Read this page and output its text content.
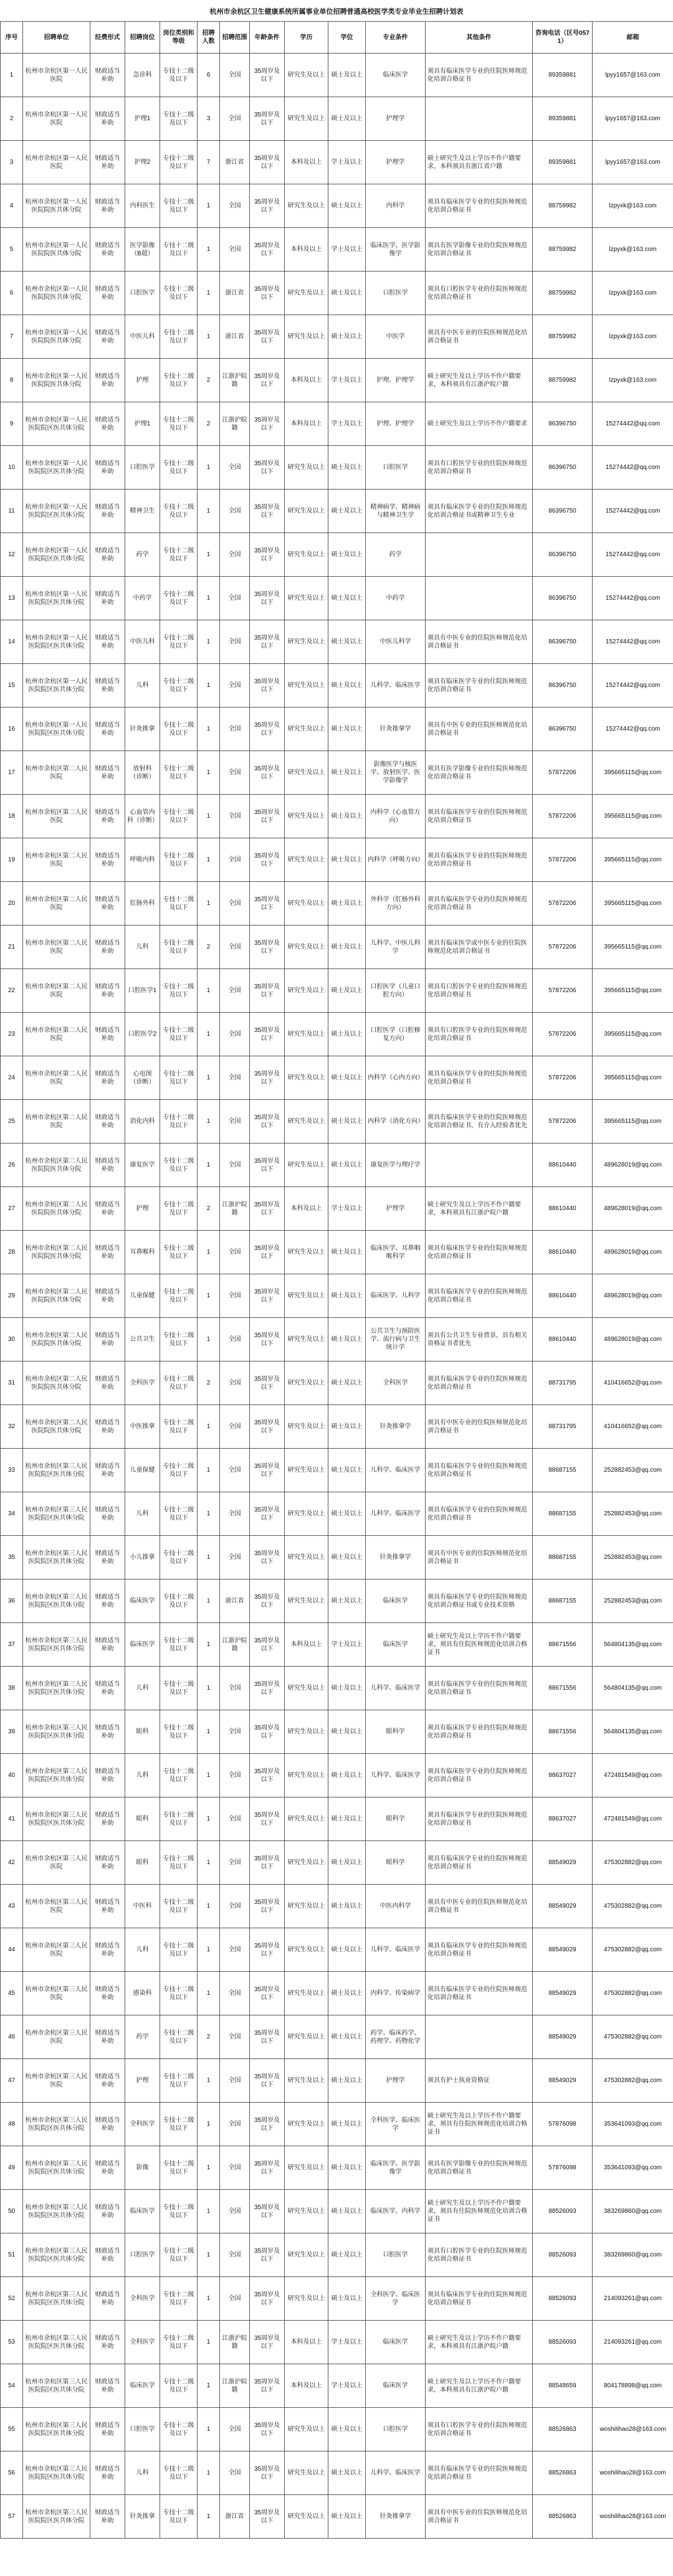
杭州市余杭区卫生健康系统所属事业单位招聘普通高校医学类专业毕业生招聘计划表
序号	招聘单位	经费形式	招聘岗位	岗位类别和等级	招聘人数	招聘范围	年龄条件	学历	学位	专业条件	其他条件	咨询电话（区号0571）	邮箱
1	杭州市余杭区第一人民医院	财政适当补助	急诊科	专技十二级及以下	6	全国	35周岁及以下	研究生及以上	硕士及以上	临床医学	须具有临床医学专业的住院医师规范化培训合格证书	89359881	lpyy1657@163.com
2	杭州市余杭区第一人民医院	财政适当补助	护理1	专技十二级及以下	3	全国	35周岁及以下	研究生及以上	硕士及以上	护理学		89359881	lpyy1657@163.com
3	杭州市余杭区第一人民医院	财政适当补助	护理2	专技十二级及以下	7	浙江省	35周岁及以下	本科及以上	学士及以上	护理学	硕士研究生及以上学历不作户籍要求，本科须具有浙江省户籍	89359881	lpyy1657@163.com
4	杭州市余杭区第一人民医院院医共体分院	财政适当补助	内科医生	专技十二级及以下	1	全国	35周岁及以下	研究生及以上	硕士及以上	内科学	须具有临床医学专业的住院医师规范化培训合格证书	88759982	lzpyxk@163.com
5	杭州市余杭区第一人民医院院医共体分院	财政适当补助	医学影像（B超）	专技十二级及以下	1	全国	35周岁及以下	本科及以上	学士及以上	临床医学、医学影像学	须具有医学影像专业的住院医师规范化培训合格证书	88759982	lzpyxk@163.com
6	杭州市余杭区第一人民医院院医共体分院	财政适当补助	口腔医学	专技十二级及以下	1	浙江省	35周岁及以下	研究生及以上	硕士及以上	口腔医学	须具有口腔医学专业的住院医师规范化培训合格证书	88759982	lzpyxk@163.com
7	杭州市余杭区第一人民医院院医共体分院	财政适当补助	中医儿科	专技十二级及以下	1	浙江省	35周岁及以下	研究生及以上	硕士及以上	中医学	须具有中医专业的住院医师规范化培训合格证书	88759982	lzpyxk@163.com
8	杭州市余杭区第一人民医院院医共体分院	财政适当补助	护理	专技十二级及以下	2	江浙沪皖籍	35周岁及以下	本科及以上	学士及以上	护理、护理学	硕士研究生及以上学历不作户籍要求，本科须具有江浙沪皖户籍	88759982	lzpyxk@163.com
9	杭州市余杭区第一人民医院院区医共体分院	财政适当补助	护理1	专技十二级及以下	2	江浙沪皖籍	35周岁及以下	本科及以上	学士及以上	护理、护理学	硕士研究生及以上学历不作户籍要求	86396750	15274442@qq.com
10	杭州市余杭区第一人民医院院区医共体分院	财政适当补助	口腔医学	专技十二级及以下	1	全国	35周岁及以下	研究生及以上	硕士及以上	口腔医学	须具有口腔医学专业的住院医师规范化培训合格证书	86396750	15274442@qq.com
11	杭州市余杭区第一人民医院院区医共体分院	财政适当补助	精神卫生	专技十二级及以下	1	全国	35周岁及以下	研究生及以上	硕士及以上	精神病学、精神病与精神卫生学	须具有临床医学专业的住院医师规范化培训合格证书或精神卫生专业	86396750	15274442@qq.com
12	杭州市余杭区第一人民医院院区医共体分院	财政适当补助	药学	专技十二级及以下	1	全国	35周岁及以下	研究生及以上	硕士及以上	药学		86396750	15274442@qq.com
13	杭州市余杭区第一人民医院院区医共体分院	财政适当补助	中药学	专技十二级及以下	1	全国	35周岁及以下	研究生及以上	硕士及以上	中药学		86396750	15274442@qq.com
14	杭州市余杭区第一人民医院院区医共体分院	财政适当补助	中医儿科	专技十二级及以下	1	全国	35周岁及以下	研究生及以上	硕士及以上	中医儿科学	须具有中医专业的住院医师规范化培训合格证书	86396750	15274442@qq.com
15	杭州市余杭区第一人民医院院区医共体分院	财政适当补助	儿科	专技十二级及以下	1	全国	35周岁及以下	研究生及以上	硕士及以上	儿科学、临床医学	须具有临床医学专业的住院医师规范化培训合格证书	86396750	15274442@qq.com
16	杭州市余杭区第一人民医院院区医共体分院	财政适当补助	针灸推拿	专技十二级及以下	1	全国	35周岁及以下	研究生及以上	硕士及以上	针灸推拿学	须具有中医专业的住院医师规范化培训合格证书	86396750	15274442@qq.com
17	杭州市余杭区第二人民医院	财政适当补助	放射科（诊断）	专技十二级及以下	1	全国	35周岁及以下	研究生及以上	硕士及以上	影像医学与核医学、放射医学、医学影像学	须具有医学影像专业的住院医师规范化培训合格证书	57872206	395665115@qq.com
18	杭州市余杭区第二人民医院	财政适当补助	心血管内科（诊断）	专技十二级及以下	1	全国	35周岁及以下	研究生及以上	硕士及以上	内科学（心血管方向）	须具有临床医学专业的住院医师规范化培训合格证书	57872206	395665115@qq.com
19	杭州市余杭区第二人民医院	财政适当补助	呼吸内科	专技十二级及以下	1	全国	35周岁及以下	研究生及以上	硕士及以上	内科学（呼吸方向）	须具有临床医学专业的住院医师规范化培训合格证书	57872206	395665115@qq.com
20	杭州市余杭区第二人民医院	财政适当补助	肛肠外科	专技十二级及以下	1	全国	35周岁及以下	研究生及以上	硕士及以上	外科学（肛肠外科方向）	须具有临床医学专业的住院医师规范化培训合格证书	57872206	395665115@qq.com
21	杭州市余杭区第二人民医院	财政适当补助	儿科	专技十二级及以下	2	全国	35周岁及以下	研究生及以上	硕士及以上	儿科学、中医儿科学	须具有临床医学或中医专业的住院医师规范化培训合格证书	57872206	395665115@qq.com
22	杭州市余杭区第二人民医院	财政适当补助	口腔医学1	专技十二级及以下	1	全国	35周岁及以下	研究生及以上	硕士及以上	口腔医学（儿童口腔方向）	须具有口腔医学专业的住院医师规范化培训合格证书	57872206	395665115@qq.com
23	杭州市余杭区第二人民医院	财政适当补助	口腔医学2	专技十二级及以下	1	全国	35周岁及以下	研究生及以上	硕士及以上	口腔医学（口腔修复方向）	须具有口腔医学专业的住院医师规范化培训合格证书	57872206	395665115@qq.com
24	杭州市余杭区第二人民医院	财政适当补助	心电图（诊断）	专技十二级及以下	1	全国	35周岁及以下	研究生及以上	硕士及以上	内科学（心内方向）	须具有临床医学专业的住院医师规范化培训合格证书	57872206	395665115@qq.com
25	杭州市余杭区第二人民医院	财政适当补助	消化内科	专技十二级及以下	1	全国	35周岁及以下	研究生及以上	硕士及以上	内科学（消化方向）	须具有临床医学专业的住院医师规范化培训合格证书，有介入经验者优先	57872206	395665115@qq.com
26	杭州市余杭区第二人民医院院医共体分院	财政适当补助	康复医学	专技十二级及以下	1	全国	35周岁及以下	研究生及以上	硕士及以上	康复医学与理疗学		88610440	489628019@qq.com
27	杭州市余杭区第二人民医院院医共体分院	财政适当补助	护理	专技十二级及以下	2	江浙沪皖籍	35周岁及以下	本科及以上	学士及以上	护理学	硕士研究生及以上学历不作户籍要求，本科须具有江浙沪皖户籍	88610440	489628019@qq.com
28	杭州市余杭区第二人民医院院医共体分院	财政适当补助	耳鼻喉科	专技十二级及以下	1	全国	35周岁及以下	研究生及以上	硕士及以上	临床医学、耳鼻咽喉科学	须具有临床医学专业的住院医师规范化培训合格证书	88610440	489628019@qq.com
29	杭州市余杭区第二人民医院院医共体分院	财政适当补助	儿童保健	专技十二级及以下	1	全国	35周岁及以下	研究生及以上	硕士及以上	临床医学、儿科学	须具有临床医学专业的住院医师规范化培训合格证书	88610440	489628019@qq.com
30	杭州市余杭区第二人民医院院医共体分院	财政适当补助	公共卫生	专技十二级及以下	1	全国	35周岁及以下	研究生及以上	硕士及以上	公共卫生与预防医学、流行病与卫生统计学	须具有公共卫生专业背景，具有相关资格证书者优先	88610440	489628019@qq.com
31	杭州市余杭区第二人民医院院医共体分院	财政适当补助	全科医学	专技十二级及以下	2	全国	35周岁及以下	研究生及以上	硕士及以上	全科医学	须具有临床医学专业的住院医师规范化培训合格证书	88731795	410416652@qq.com
32	杭州市余杭区第二人民医院院医共体分院	财政适当补助	中医推拿	专技十二级及以下	1	全国	35周岁及以下	研究生及以上	硕士及以上	针灸推拿学	须具有中医专业的住院医师规范化培训合格证书	88731795	410416652@qq.com
33	杭州市余杭区第三人民医院院区医共体分院	财政适当补助	儿童保健	专技十二级及以下	1	全国	35周岁及以下	研究生及以上	硕士及以上	儿科学、临床医学	须具有临床医学专业的住院医师规范化培训合格证书	88687155	252882453@qq.com
34	杭州市余杭区第三人民医院院区医共体分院	财政适当补助	儿科	专技十二级及以下	1	全国	35周岁及以下	研究生及以上	硕士及以上	儿科学、临床医学	须具有临床医学专业的住院医师规范化培训合格证书	88687155	252882453@qq.com
35	杭州市余杭区第三人民医院院区医共体分院	财政适当补助	小儿推拿	专技十二级及以下	1	全国	35周岁及以下	研究生及以上	硕士及以上	针灸推拿学	须具有中医专业的住院医师规范化培训合格证书	88687155	252882453@qq.com
36	杭州市余杭区第三人民医院院区医共体分院	财政适当补助	临床医学	专技十二级及以下	1	浙江省	35周岁及以下	研究生及以上	硕士及以上	临床医学	须具有临床医学专业的住院医师规范化培训合格证书或专业技术资格	88687155	252882453@qq.com
37	杭州市余杭区第三人民医院院区医共体分院	财政适当补助	临床医学	专技十二级及以下	1	江浙沪皖籍	35周岁及以下	本科及以上	学士及以上	临床医学	硕士研究生及以上学历不作户籍要求，须具有住院医师规范化培训合格证书	88671556	564804135@qq.com
38	杭州市余杭区第三人民医院院区医共体分院	财政适当补助	儿科	专技十二级及以下	1	全国	35周岁及以下	研究生及以上	硕士及以上	儿科学、临床医学	须具有临床医学专业的住院医师规范化培训合格证书	88671556	564804135@qq.com
39	杭州市余杭区第三人民医院院区医共体分院	财政适当补助	眼科	专技十二级及以下	1	全国	35周岁及以下	研究生及以上	硕士及以上	眼科学	须具有临床医学专业的住院医师规范化培训合格证书	88671556	564804135@qq.com
40	杭州市余杭区第三人民医院院区医共体分院	财政适当补助	儿科	专技十二级及以下	1	全国	35周岁及以下	研究生及以上	硕士及以上	儿科学、临床医学	须具有临床医学专业的住院医师规范化培训合格证书	88637027	472481549@qq.com
41	杭州市余杭区第三人民医院院区医共体分院	财政适当补助	眼科	专技十二级及以下	1	全国	35周岁及以下	研究生及以上	硕士及以上	眼科学	须具有临床医学专业的住院医师规范化培训合格证书	88637027	472481549@qq.com
42	杭州市余杭区第三人民医院	财政适当补助	眼科	专技十二级及以下	1	全国	35周岁及以下	研究生及以上	硕士及以上	眼科学	须具有临床医学专业的住院医师规范化培训合格证书	88549029	475302882@qq.com
43	杭州市余杭区第三人民医院	财政适当补助	中医科	专技十二级及以下	1	全国	35周岁及以下	研究生及以上	硕士及以上	中医内科学	须具有中医专业的住院医师规范化培训合格证书	88549029	475302882@qq.com
44	杭州市余杭区第三人民医院	财政适当补助	儿科	专技十二级及以下	1	全国	35周岁及以下	研究生及以上	硕士及以上	儿科学、临床医学	须具有临床医学专业的住院医师规范化培训合格证书	88549029	475302882@qq.com
45	杭州市余杭区第三人民医院	财政适当补助	感染科	专技十二级及以下	1	全国	35周岁及以下	研究生及以上	硕士及以上	内科学、传染病学	须具有临床医学专业的住院医师规范化培训合格证书	88549029	475302882@qq.com
46	杭州市余杭区第三人民医院	财政适当补助	药学	专技十二级及以下	2	全国	35周岁及以下	研究生及以上	硕士及以上	药学、临床药学、药理学、药物化学		88549029	475302882@qq.com
47	杭州市余杭区第三人民医院	财政适当补助	护理	专技十二级及以下	1	全国	35周岁及以下	研究生及以上	硕士及以上	护理学	须具有护士执业资格证	88549029	475302882@qq.com
48	杭州市余杭区第三人民医院院区医共体分院	财政适当补助	全科医学	专技十二级及以下	1	全国	35周岁及以下	研究生及以上	硕士及以上	全科医学、临床医学	硕士研究生及以上学历不作户籍要求，须具有住院医师规范化培训合格证书	57876098	353641093@qq.com
49	杭州市余杭区第三人民医院院区医共体分院	财政适当补助	影像	专技十二级及以下	1	全国	35周岁及以下	研究生及以上	硕士及以上	临床医学、医学影像学	须具有医学影像专业的住院医师规范化培训合格证书	57876098	353641093@qq.com
50	杭州市余杭区第三人民医院院区医共体分院	财政适当补助	临床医学	专技十二级及以下	1	全国	35周岁及以下	研究生及以上	硕士及以上	临床医学、内科学	硕士研究生及以上学历不作户籍要求，须具有住院医师规范化培训合格证书	88526093	383269860@qq.com
51	杭州市余杭区第三人民医院院区医共体分院	财政适当补助	口腔医学	专技十二级及以下	1	全国	35周岁及以下	研究生及以上	硕士及以上	口腔医学	须具有口腔医学专业的住院医师规范化培训合格证书	88526093	383269860@qq.com
52	杭州市余杭区第三人民医院院区医共体分院	财政适当补助	全科医学	专技十二级及以下	1	全国	35周岁及以下	研究生及以上	硕士及以上	全科医学、临床医学	须具有临床医学专业的住院医师规范化培训合格证书	88526093	214093261@qq.com
53	杭州市余杭区第三人民医院院区医共体分院	财政适当补助	全科医学	专技十二级及以下	1	江浙沪皖籍	35周岁及以下	本科及以上	学士及以上	临床医学	硕士研究生及以上学历不作户籍要求，本科须具有江浙沪皖户籍	88526093	214093261@qq.com
54	杭州市余杭区第三人民医院院区医共体分院	财政适当补助	临床医学	专技十二级及以下	1	江浙沪皖籍	35周岁及以下	本科及以上	学士及以上	临床医学	硕士研究生及以上学历不作户籍要求，本科须具有江浙沪皖户籍	88548659	804178898@qq.com
55	杭州市余杭区第三人民医院院区医共体分院	财政适当补助	口腔医学	专技十二级及以下	1	全国	35周岁及以下	研究生及以上	硕士及以上	口腔医学	须具有口腔医学专业的住院医师规范化培训合格证书	88526863	woshilihao28@163.com
56	杭州市余杭区第三人民医院院区医共体分院	财政适当补助	儿科	专技十二级及以下	1	全国	35周岁及以下	研究生及以上	硕士及以上	儿科学、临床医学	须具有临床医学专业的住院医师规范化培训合格证书	88526863	woshilihao28@163.com
57	杭州市余杭区第三人民医院院区医共体分院	财政适当补助	针灸推拿	专技十二级及以下	1	浙江省	35周岁及以下	研究生及以上	硕士及以上	针灸推拿学	须具有中医专业的住院医师规范化培训合格证书	88526863	woshilihao28@163.com
